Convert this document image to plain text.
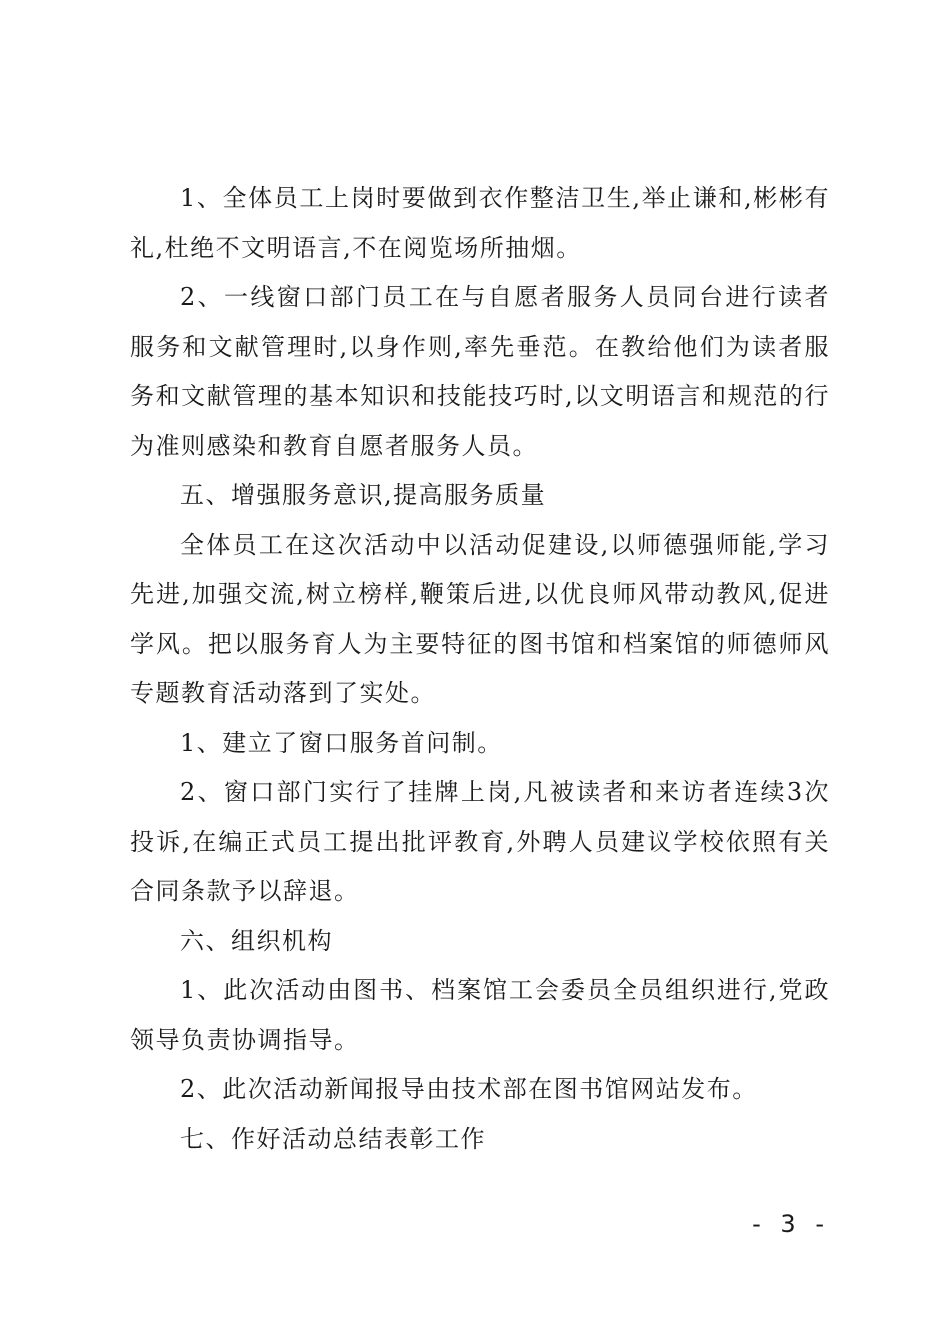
1、全体员工上岗时要做到衣作整洁卫生,举止谦和,彬彬有礼,杜绝不文明语言,不在阅览场所抽烟。

2、一线窗口部门员工在与自愿者服务人员同台进行读者服务和文献管理时,以身作则,率先垂范。在教给他们为读者服务和文献管理的基本知识和技能技巧时,以文明语言和规范的行为准则感染和教育自愿者服务人员。

五、增强服务意识,提高服务质量

全体员工在这次活动中以活动促建设,以师德强师能,学习先进,加强交流,树立榜样,鞭策后进,以优良师风带动教风,促进学风。把以服务育人为主要特征的图书馆和档案馆的师德师风专题教育活动落到了实处。

1、建立了窗口服务首问制。

2、窗口部门实行了挂牌上岗,凡被读者和来访者连续3次投诉,在编正式员工提出批评教育,外聘人员建议学校依照有关合同条款予以辞退。

六、组织机构

1、此次活动由图书、档案馆工会委员全员组织进行,党政领导负责协调指导。

2、此次活动新闻报导由技术部在图书馆网站发布。

七、作好活动总结表彰工作

- 3 -
